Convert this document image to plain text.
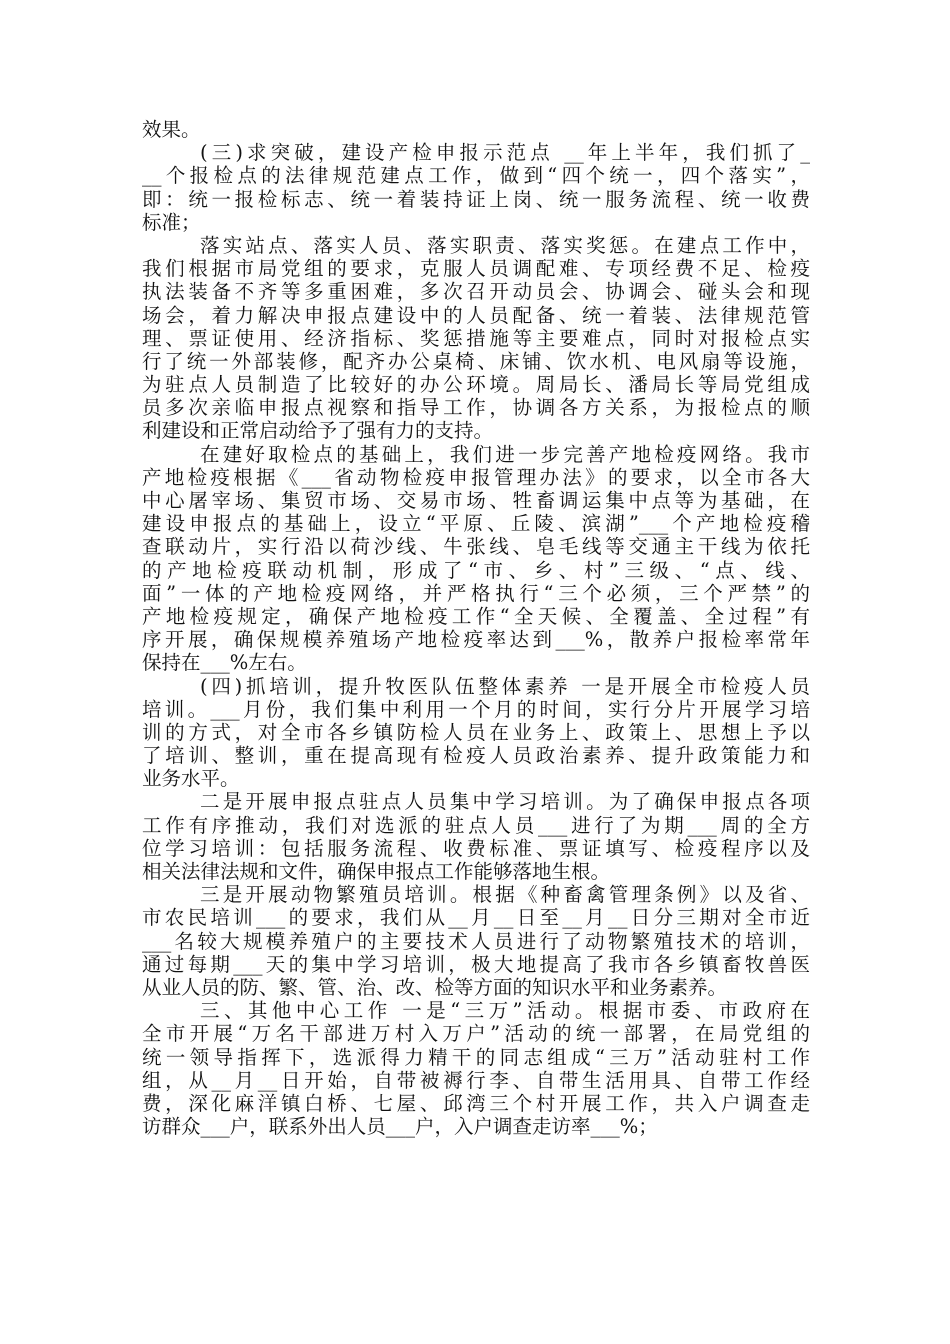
效果。
(三)求突破，建设产检申报示范点 __年上半年，我们抓了_
__个报检点的法律规范建点工作，做到“四个统一，四个落实”，
即：统一报检标志、统一着装持证上岗、统一服务流程、统一收费
标准；
落实站点、落实人员、落实职责、落实奖惩。在建点工作中，
我们根据市局党组的要求，克服人员调配难、专项经费不足、检疫
执法装备不齐等多重困难，多次召开动员会、协调会、碰头会和现
场会，着力解决申报点建设中的人员配备、统一着装、法律规范管
理、票证使用、经济指标、奖惩措施等主要难点，同时对报检点实
行了统一外部装修，配齐办公桌椅、床铺、饮水机、电风扇等设施，
为驻点人员制造了比较好的办公环境。周局长、潘局长等局党组成
员多次亲临申报点视察和指导工作，协调各方关系，为报检点的顺
利建设和正常启动给予了强有力的支持。
在建好取检点的基础上，我们进一步完善产地检疫网络。我市
产地检疫根据《___省动物检疫申报管理办法》的要求，以全市各大
中心屠宰场、集贸市场、交易市场、牲畜调运集中点等为基础，在
建设申报点的基础上，设立“平原、丘陵、滨湖”___个产地检疫稽
查联动片，实行沿以荷沙线、牛张线、皂毛线等交通主干线为依托
的产地检疫联动机制，形成了“市、乡、村”三级、“点、线、
面”一体的产地检疫网络，并严格执行“三个必须，三个严禁”的
产地检疫规定，确保产地检疫工作“全天候、全覆盖、全过程”有
序开展，确保规模养殖场产地检疫率达到___%，散养户报检率常年
保持在___%左右。
(四)抓培训，提升牧医队伍整体素养 一是开展全市检疫人员
培训。___月份，我们集中利用一个月的时间，实行分片开展学习培
训的方式，对全市各乡镇防检人员在业务上、政策上、思想上予以
了培训、整训，重在提高现有检疫人员政治素养、提升政策能力和
业务水平。
二是开展申报点驻点人员集中学习培训。为了确保申报点各项
工作有序推动，我们对选派的驻点人员___进行了为期___周的全方
位学习培训：包括服务流程、收费标准、票证填写、检疫程序以及
相关法律法规和文件，确保申报点工作能够落地生根。
三是开展动物繁殖员培训。根据《种畜禽管理条例》以及省、
市农民培训___的要求，我们从__月__日至__月__日分三期对全市近
___名较大规模养殖户的主要技术人员进行了动物繁殖技术的培训，
通过每期___天的集中学习培训，极大地提高了我市各乡镇畜牧兽医
从业人员的防、繁、管、治、改、检等方面的知识水平和业务素养。
三、其他中心工作 一是“三万”活动。根据市委、市政府在
全市开展“万名干部进万村入万户”活动的统一部署，在局党组的
统一领导指挥下，选派得力精干的同志组成“三万”活动驻村工作
组，从__月__日开始，自带被褥行李、自带生活用具、自带工作经
费，深化麻洋镇白桥、七屋、邱湾三个村开展工作，共入户调查走
访群众___户，联系外出人员___户，入户调查走访率___%；
